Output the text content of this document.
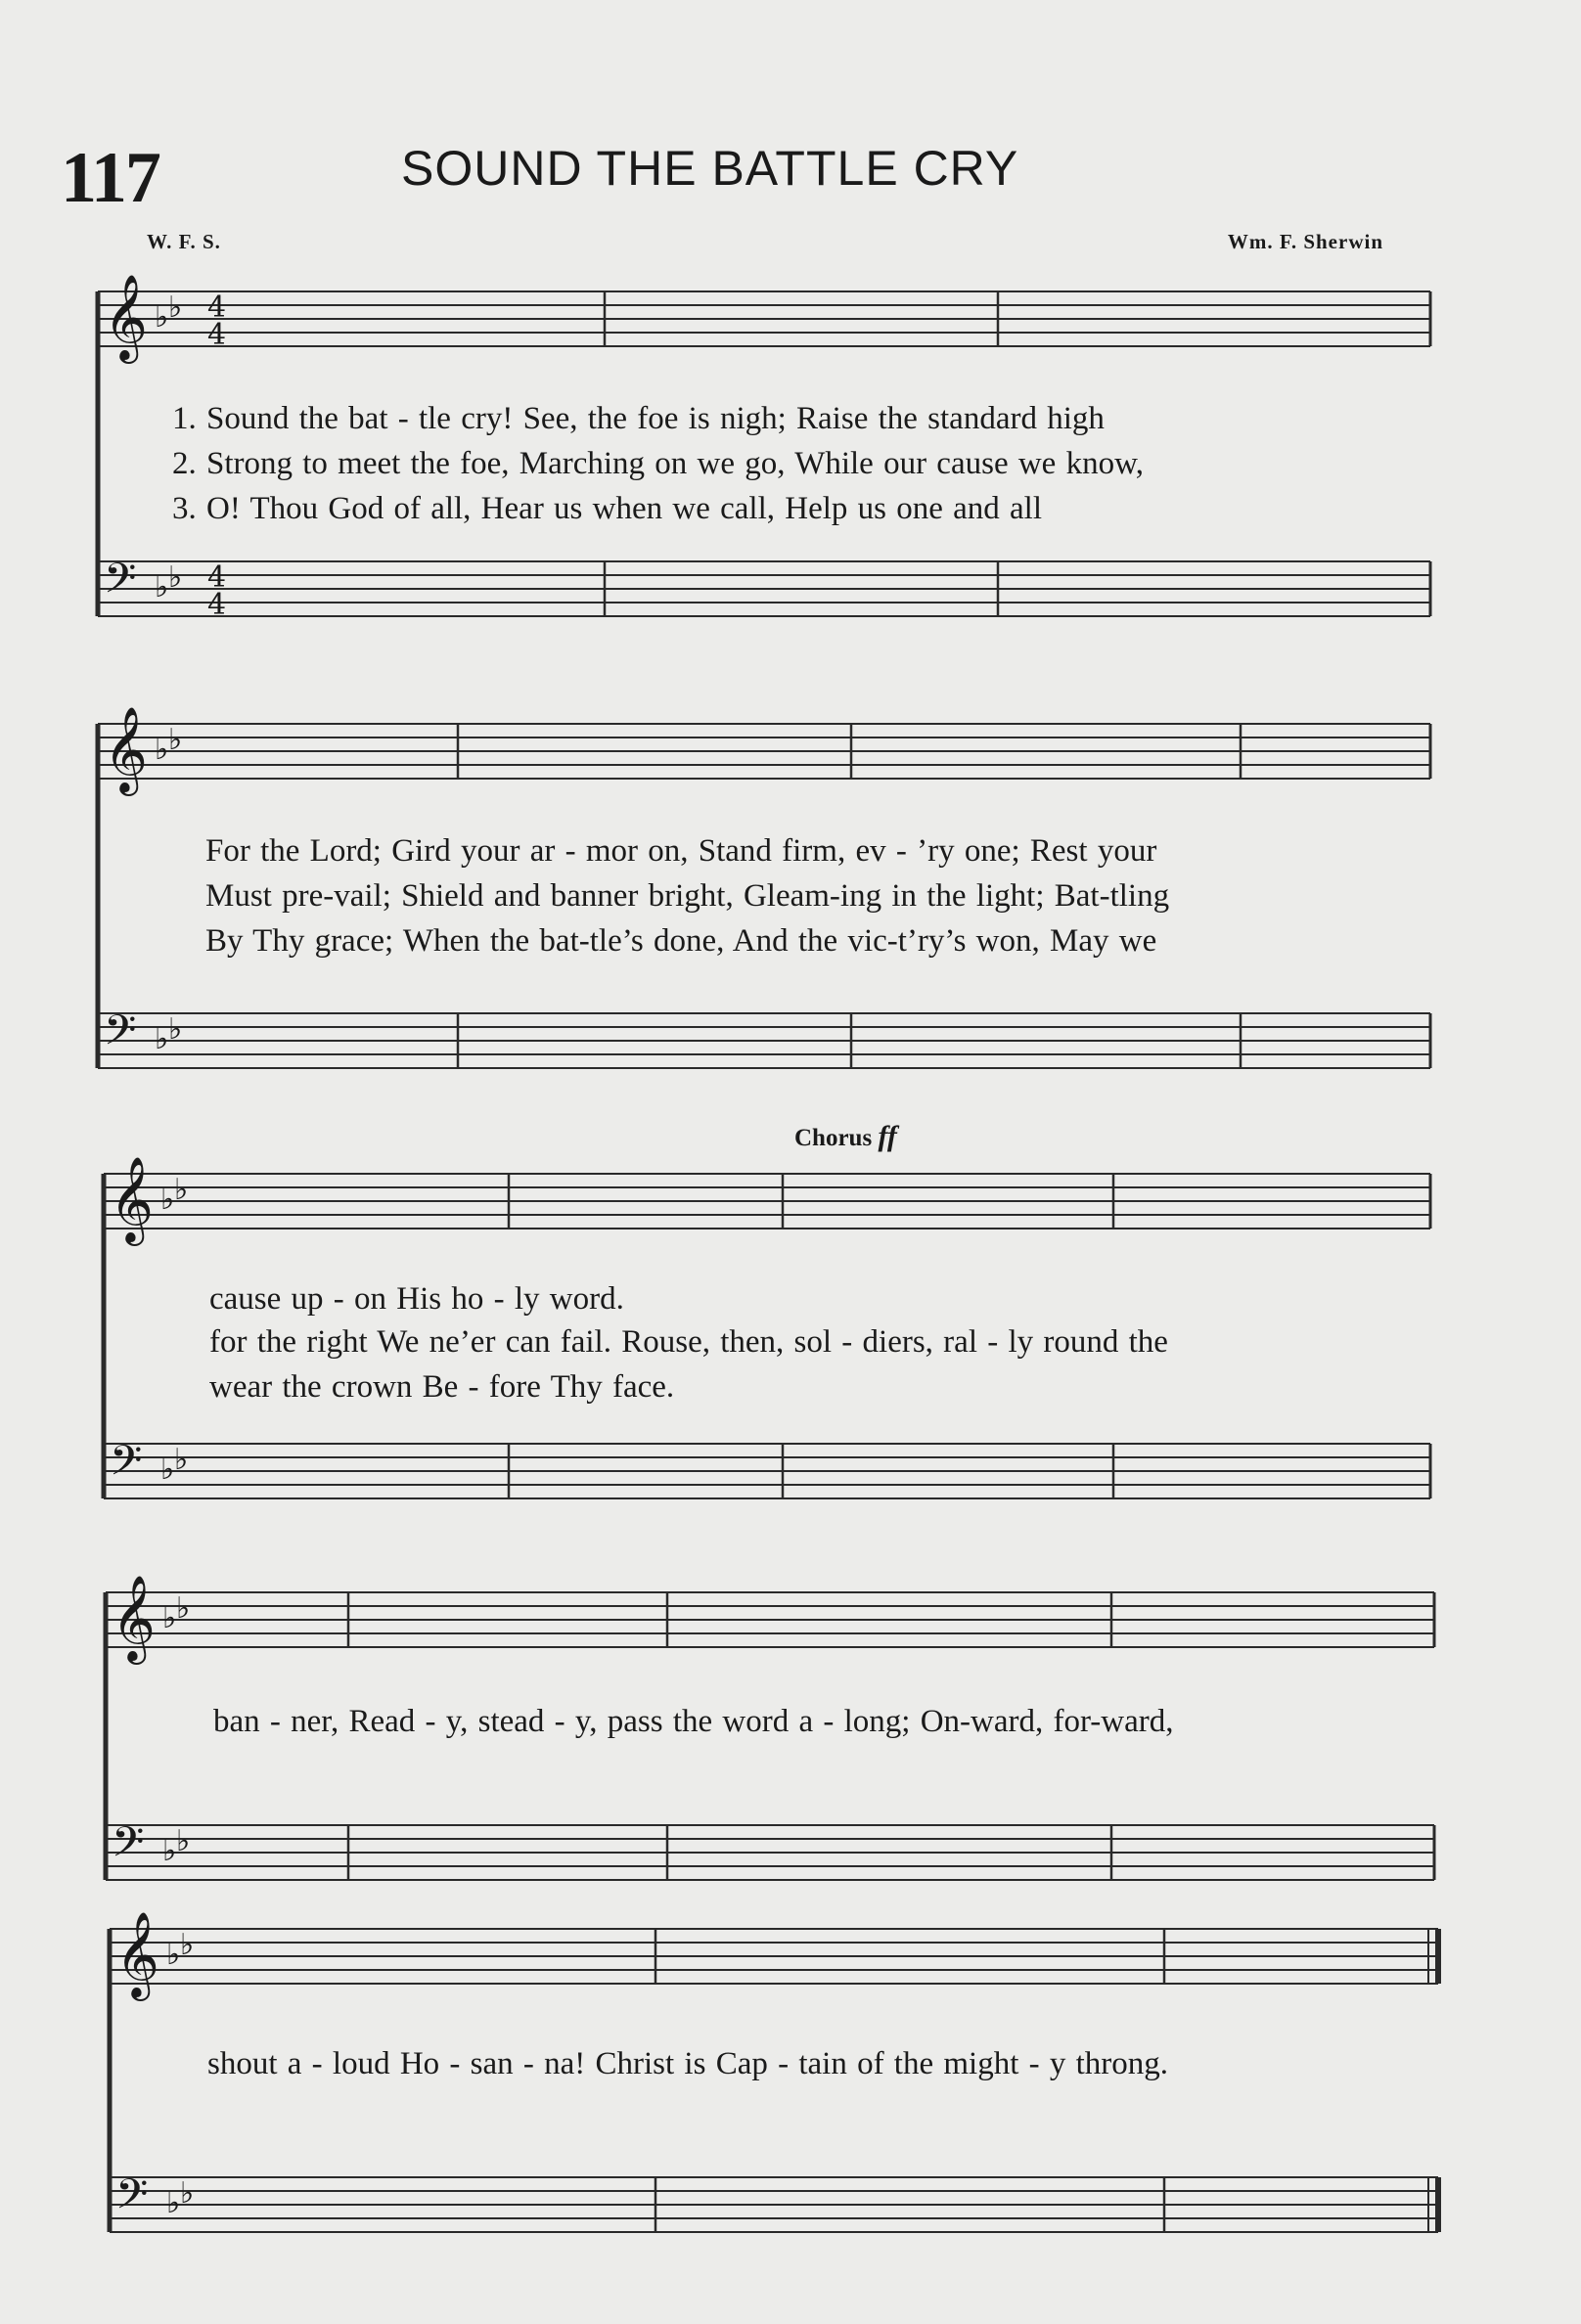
117	SOUND THE BATTLE CRY
W. F. S.	Wm. F. Sherwin
𝄞 ♭ ♭
𝄢 ♭ ♭
𝄞 ♭ ♭
𝄢 ♭ ♭
𝄞 ♭ ♭
𝄢 ♭ ♭
𝄞 ♭ ♭
𝄢 ♭ ♭
𝄞 ♭ ♭
𝄢 ♭ ♭
4
4
4
4
1. Sound the bat - tle cry! See, the foe is nigh; Raise the standard high
2. Strong to meet the foe, Marching on we go, While our cause we know,
3. O! Thou God of all, Hear us when we call, Help us one and all
For the Lord; Gird your ar - mor on, Stand firm, ev - ’ry one; Rest your
Must pre-vail; Shield and banner bright, Gleam-ing in the light; Bat-tling
By Thy grace; When the bat-tle’s done, And the vic-t’ry’s won, May we
Chorus ff
cause up - on His ho - ly word.
for the right We ne’er can fail. Rouse, then, sol - diers, ral - ly round the
wear the crown Be - fore Thy face.
ban - ner, Read - y, stead - y, pass the word a - long; On-ward, for-ward,
shout a - loud Ho - san - na! Christ is Cap - tain of the might - y throng.
